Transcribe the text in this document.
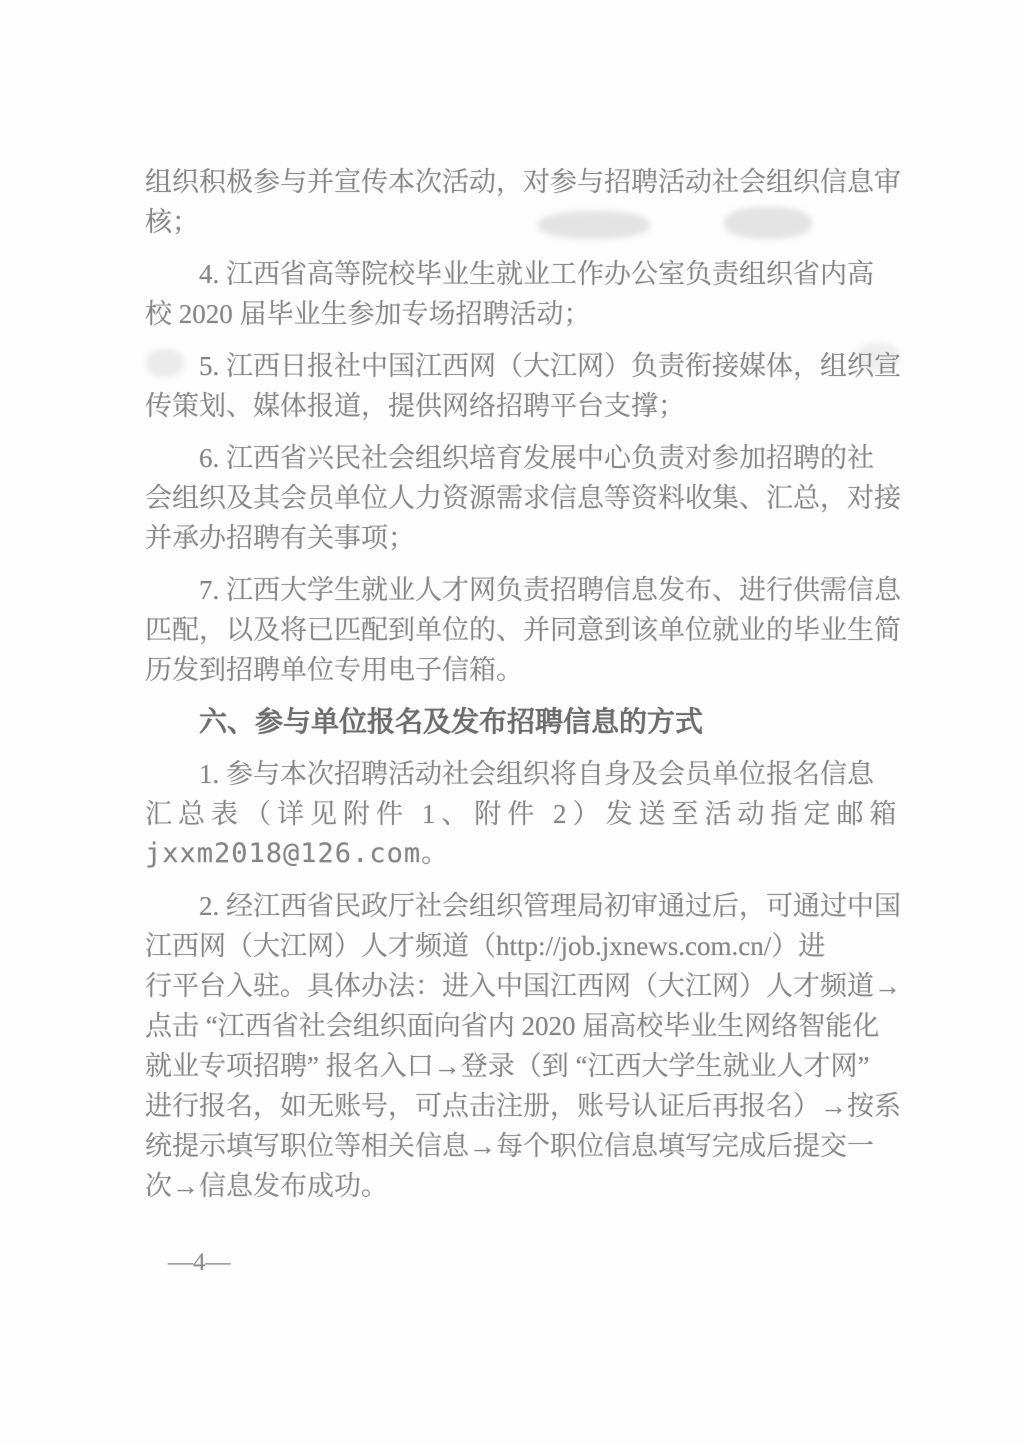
组织积极参与并宣传本次活动，对参与招聘活动社会组织信息审

核；

4. 江西省高等院校毕业生就业工作办公室负责组织省内高

校 2020 届毕业生参加专场招聘活动；

5. 江西日报社中国江西网（大江网）负责衔接媒体，组织宣

传策划、媒体报道，提供网络招聘平台支撑；

6. 江西省兴民社会组织培育发展中心负责对参加招聘的社

会组织及其会员单位人力资源需求信息等资料收集、汇总，对接

并承办招聘有关事项；

7. 江西大学生就业人才网负责招聘信息发布、进行供需信息

匹配，以及将已匹配到单位的、并同意到该单位就业的毕业生简

历发到招聘单位专用电子信箱。

六、参与单位报名及发布招聘信息的方式

1. 参与本次招聘活动社会组织将自身及会员单位报名信息

汇总表（详见附件 1、附件 2）发送至活动指定邮箱

jxxm2018@126.com。

2. 经江西省民政厅社会组织管理局初审通过后，可通过中国

江西网（大江网）人才频道（http://job.jxnews.com.cn/）进

行平台入驻。具体办法：进入中国江西网（大江网）人才频道→

点击 “江西省社会组织面向省内 2020 届高校毕业生网络智能化

就业专项招聘” 报名入口→登录（到 “江西大学生就业人才网”

进行报名，如无账号，可点击注册，账号认证后再报名）→按系

统提示填写职位等相关信息→每个职位信息填写完成后提交一

次→信息发布成功。

—4—
